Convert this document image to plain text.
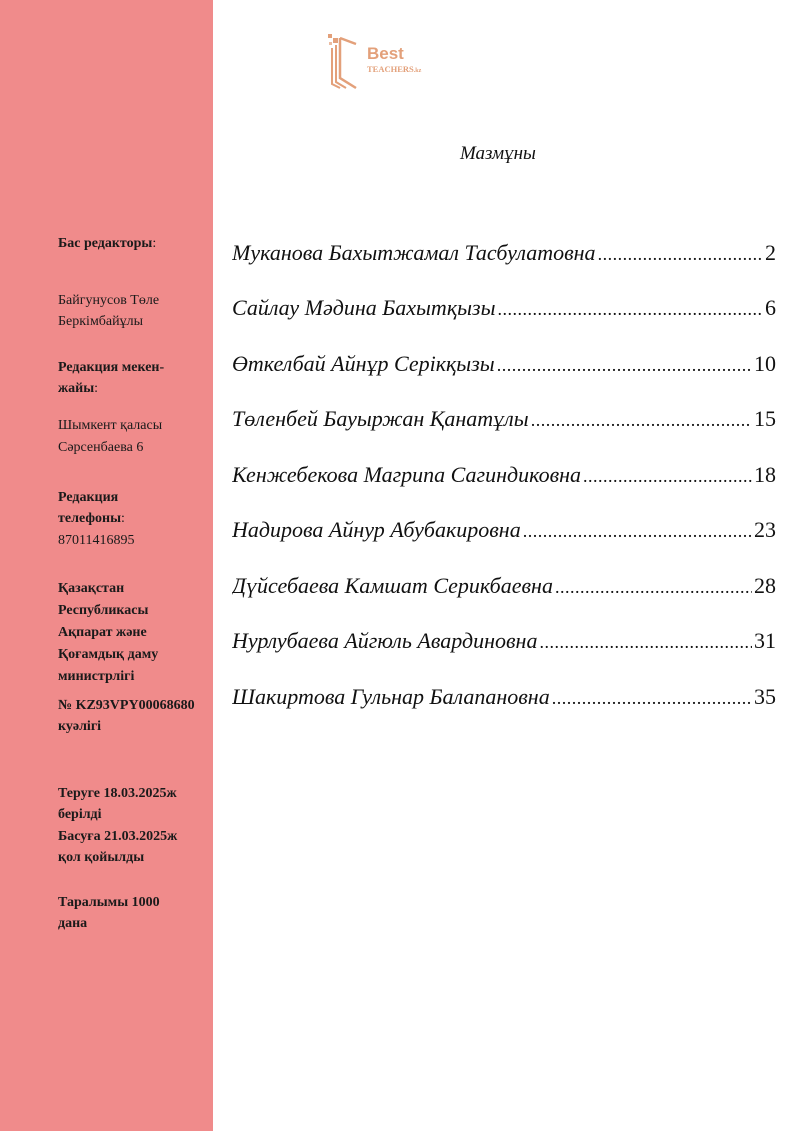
Бас редакторы:
Байгунусов Төле Беркімбайұлы
Редакция мекен-жайы:
Шымкент қаласы
Сәрсенбаева 6
Редакция телефоны:
87011416895
Қазақстан Республикасы Ақпарат және Қоғамдық даму министрлігі
№ KZ93VPY00068680 куәлігі
Теруге 18.03.2025ж берілді
Басуға 21.03.2025ж қол қойылды
Таралымы 1000 дана
Best
TEACHERS.kz
Мазмұны
Муканова Бахытжамал Тасбулатовна .....	2
Сайлау Мәдина Бахытқызы .....	6
Өткелбай Айнұр Серікқызы .....	10
Төленбей Бауыржан Қанатұлы .....	15
Кенжебекова Магрипа Сагиндиковна .....	18
Надирова Айнур Абубакировна .....	23
Дүйсебаева Камшат Серикбаевна .....	28
Нурлубаева Айгюль Авардиновна .....	31
Шакиртова Гульнар Балапановна .....	35
